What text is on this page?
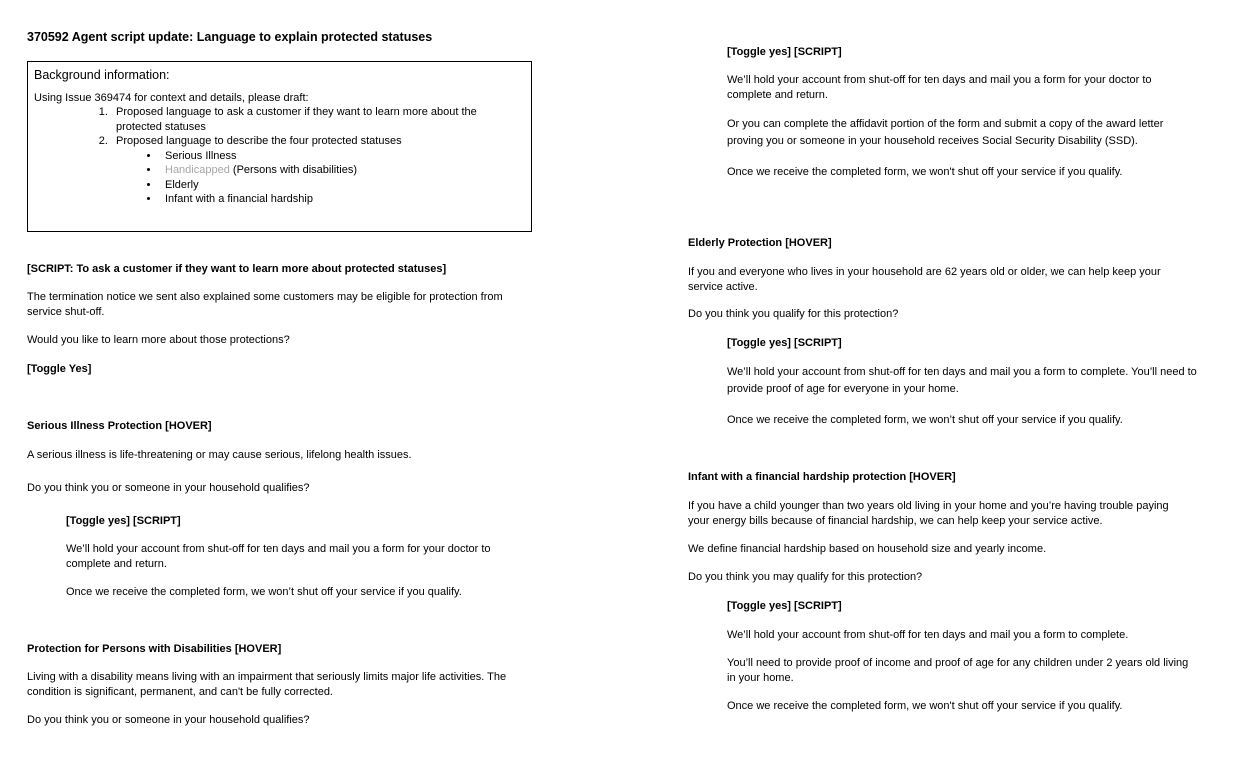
370592 Agent script update: Language to explain protected statuses
Background information:
Using Issue 369474 for context and details, please draft:
1. Proposed language to ask a customer if they want to learn more about the protected statuses
2. Proposed language to describe the four protected statuses
• Serious Illness
• Handicapped (Persons with disabilities)
• Elderly
• Infant with a financial hardship

[SCRIPT: To ask a customer if they want to learn more about protected statuses]

The termination notice we sent also explained some customers may be eligible for protection from service shut-off.

Would you like to learn more about those protections?

[Toggle Yes]

Serious Illness Protection [HOVER]

A serious illness is life-threatening or may cause serious, lifelong health issues.

Do you think you or someone in your household qualifies?

[Toggle yes] [SCRIPT]

We’ll hold your account from shut-off for ten days and mail you a form for your doctor to complete and return.

Once we receive the completed form, we won’t shut off your service if you qualify.

Protection for Persons with Disabilities [HOVER]

Living with a disability means living with an impairment that seriously limits major life activities. The condition is significant, permanent, and can't be fully corrected.

Do you think you or someone in your household qualifies?

[Toggle yes] [SCRIPT]

We’ll hold your account from shut-off for ten days and mail you a form for your doctor to complete and return.

Or you can complete the affidavit portion of the form and submit a copy of the award letter proving you or someone in your household receives Social Security Disability (SSD).

Once we receive the completed form, we won't shut off your service if you qualify.

Elderly Protection [HOVER]

If you and everyone who lives in your household are 62 years old or older, we can help keep your service active.

Do you think you qualify for this protection?

[Toggle yes] [SCRIPT]

We’ll hold your account from shut-off for ten days and mail you a form to complete. You’ll need to provide proof of age for everyone in your home.

Once we receive the completed form, we won’t shut off your service if you qualify.

Infant with a financial hardship protection [HOVER]

If you have a child younger than two years old living in your home and you’re having trouble paying your energy bills because of financial hardship, we can help keep your service active.

We define financial hardship based on household size and yearly income.

Do you think you may qualify for this protection?

[Toggle yes] [SCRIPT]

We’ll hold your account from shut-off for ten days and mail you a form to complete.

You’ll need to provide proof of income and proof of age for any children under 2 years old living in your home.

Once we receive the completed form, we won't shut off your service if you qualify.
